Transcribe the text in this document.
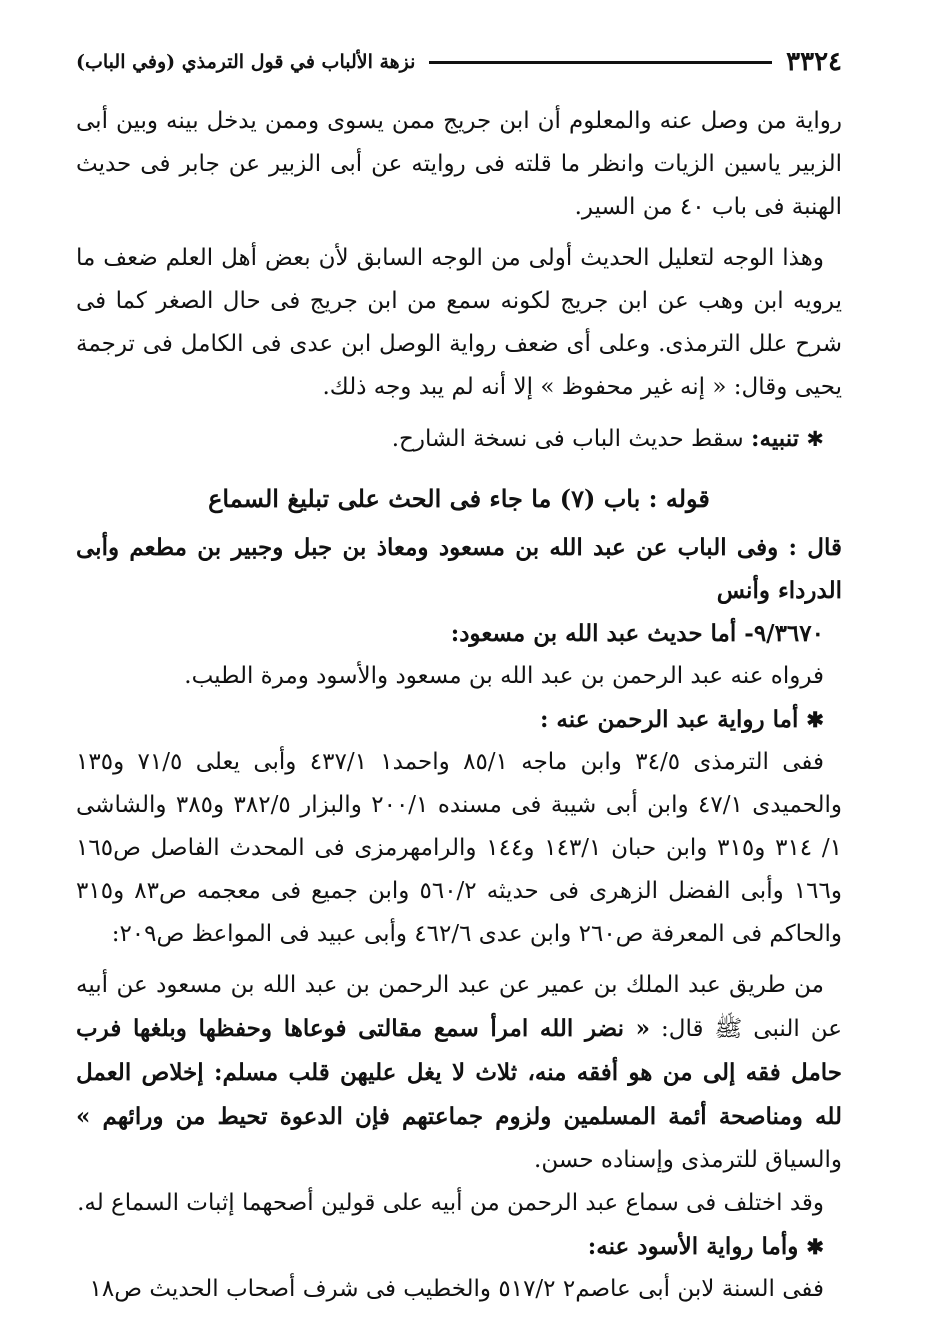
٣٣٢٤
نزهة الألباب في قول الترمذي (وفي الباب)

رواية من وصل عنه والمعلوم أن ابن جريج ممن يسوى وممن يدخل بينه وبين أبى الزبير ياسين الزيات وانظر ما قلته فى روايته عن أبى الزبير عن جابر فى حديث الهنبة فى باب ٤٠ من السير.

وهذا الوجه لتعليل الحديث أولى من الوجه السابق لأن بعض أهل العلم ضعف ما يرويه ابن وهب عن ابن جريج لكونه سمع من ابن جريج فى حال الصغر كما فى شرح علل الترمذى. وعلى أى ضعف رواية الوصل ابن عدى فى الكامل فى ترجمة يحيى وقال: « إنه غير محفوظ » إلا أنه لم يبد وجه ذلك.

✱ تنبيه: سقط حديث الباب فى نسخة الشارح.

قوله : باب (٧) ما جاء فى الحث على تبليغ السماع

قال : وفى الباب عن عبد الله بن مسعود ومعاذ بن جبل وجبير بن مطعم وأبى الدرداء وأنس

٩/٣٦٧٠- أما حديث عبد الله بن مسعود:

فرواه عنه عبد الرحمن بن عبد الله بن مسعود والأسود ومرة الطيب.

✱ أما رواية عبد الرحمن عنه :

ففى الترمذى ٣٤/٥ وابن ماجه ٨٥/١ واحمد١ ٤٣٧/١ وأبى يعلى ٧١/٥ و١٣٥ والحميدى ٤٧/١ وابن أبى شيبة فى مسنده ٢٠٠/١ والبزار ٣٨٢/٥ و٣٨٥ والشاشى ١/ ٣١٤ و٣١٥ وابن حبان ١٤٣/١ و١٤٤ والرامهرمزى فى المحدث الفاصل ص١٦٥ و١٦٦ وأبى الفضل الزهرى فى حديثه ٥٦٠/٢ وابن جميع فى معجمه ص٨٣ و٣١٥ والحاكم فى المعرفة ص٢٦٠ وابن عدى ٤٦٢/٦ وأبى عبيد فى المواعظ ص٢٠٩:

من طريق عبد الملك بن عمير عن عبد الرحمن بن عبد الله بن مسعود عن أبيه عن النبى ﷺ قال: « نضر الله امرأ سمع مقالتى فوعاها وحفظها وبلغها فرب حامل فقه إلى من هو أفقه منه، ثلاث لا يغل عليهن قلب مسلم: إخلاص العمل لله ومناصحة أئمة المسلمين ولزوم جماعتهم فإن الدعوة تحيط من ورائهم » والسياق للترمذى وإسناده حسن.

وقد اختلف فى سماع عبد الرحمن من أبيه على قولين أصحهما إثبات السماع له.

✱ وأما رواية الأسود عنه:

ففى السنة لابن أبى عاصم٢ ٥١٧/٢ والخطيب فى شرف أصحاب الحديث ص١٨
